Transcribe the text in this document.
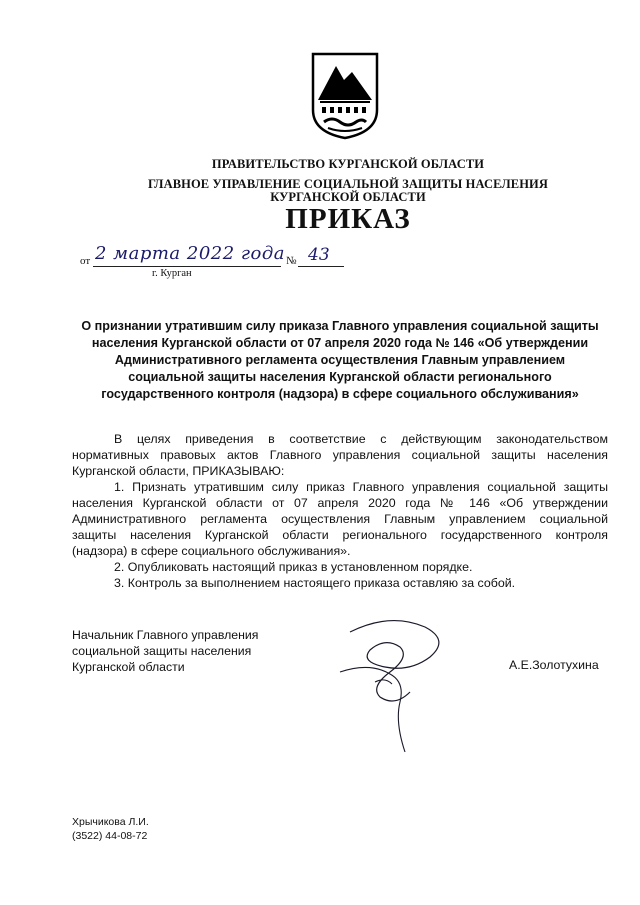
ПРАВИТЕЛЬСТВО КУРГАНСКОЙ ОБЛАСТИ
ГЛАВНОЕ УПРАВЛЕНИЕ СОЦИАЛЬНОЙ ЗАЩИТЫ НАСЕЛЕНИЯ
КУРГАНСКОЙ ОБЛАСТИ
ПРИКАЗ
от 2 марта 2022 года № 43
г. Курган
О признании утратившим силу приказа Главного управления социальной защиты
населения Курганской области от 07 апреля 2020 года № 146 «Об утверждении
Административного регламента осуществления Главным управлением
социальной защиты населения Курганской области регионального
государственного контроля (надзора) в сфере социального обслуживания»
В целях приведения в соответствие с действующим законодательством
нормативных правовых актов Главного управления социальной защиты населения
Курганской области, ПРИКАЗЫВАЮ:
1. Признать утратившим силу приказ Главного управления социальной защиты
населения Курганской области от 07 апреля 2020 года № 146 «Об утверждении
Административного регламента осуществления Главным управлением социальной
защиты населения Курганской области регионального государственного контроля
(надзора) в сфере социального обслуживания».
2. Опубликовать настоящий приказ в установленном порядке.
3. Контроль за выполнением настоящего приказа оставляю за собой.
Начальник Главного управления
социальной защиты населения
Курганской области	А.Е.Золотухина
Хрычикова Л.И.
(3522) 44-08-72
